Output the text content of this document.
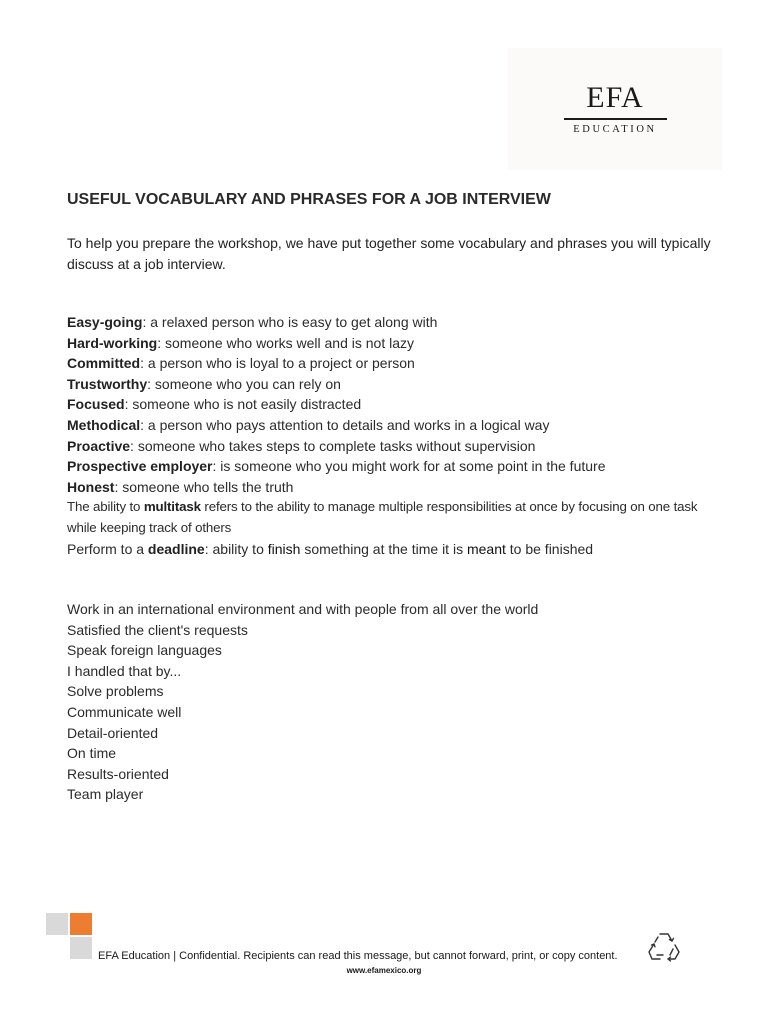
EFA
EDUCATION
USEFUL VOCABULARY AND PHRASES FOR A JOB INTERVIEW

To help you prepare the workshop, we have put together some vocabulary and phrases you will typically discuss at a job interview.

Easy-going: a relaxed person who is easy to get along with
Hard-working: someone who works well and is not lazy
Committed: a person who is loyal to a project or person
Trustworthy: someone who you can rely on
Focused: someone who is not easily distracted
Methodical: a person who pays attention to details and works in a logical way
Proactive: someone who takes steps to complete tasks without supervision
Prospective employer: is someone who you might work for at some point in the future
Honest: someone who tells the truth
The ability to multitask refers to the ability to manage multiple responsibilities at once by focusing on one task while keeping track of others
Perform to a deadline: ability to finish something at the time it is meant to be finished
Work in an international environment and with people from all over the world
Satisfied the client's requests
Speak foreign languages
I handled that by...
Solve problems
Communicate well
Detail-oriented
On time
Results-oriented
Team player

EFA Education | Confidential. Recipients can read this message, but cannot forward, print, or copy content.

www.efamexico.org
